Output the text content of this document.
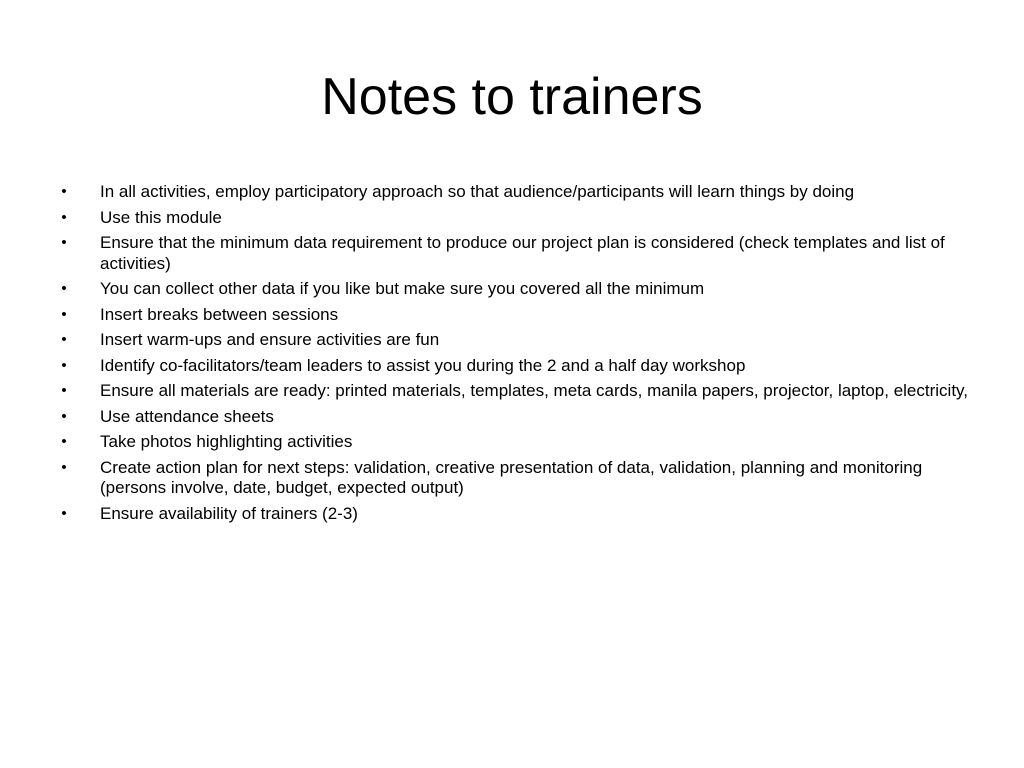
Notes to trainers
• In all activities, employ participatory approach so that audience/participants will learn things by doing
• Use this module
• Ensure that the minimum data requirement to produce our project plan is considered (check templates and list of activities)
• You can collect other data if you like but make sure you covered all the minimum
• Insert breaks between sessions
• Insert warm-ups and ensure activities are fun
• Identify co-facilitators/team leaders to assist you during the 2 and a half day workshop
• Ensure all materials are ready: printed materials, templates, meta cards, manila papers, projector, laptop, electricity,
• Use attendance sheets
• Take photos highlighting activities
• Create action plan for next steps: validation, creative presentation of data, validation, planning and monitoring (persons involve, date, budget, expected output)
• Ensure availability of trainers (2-3)
